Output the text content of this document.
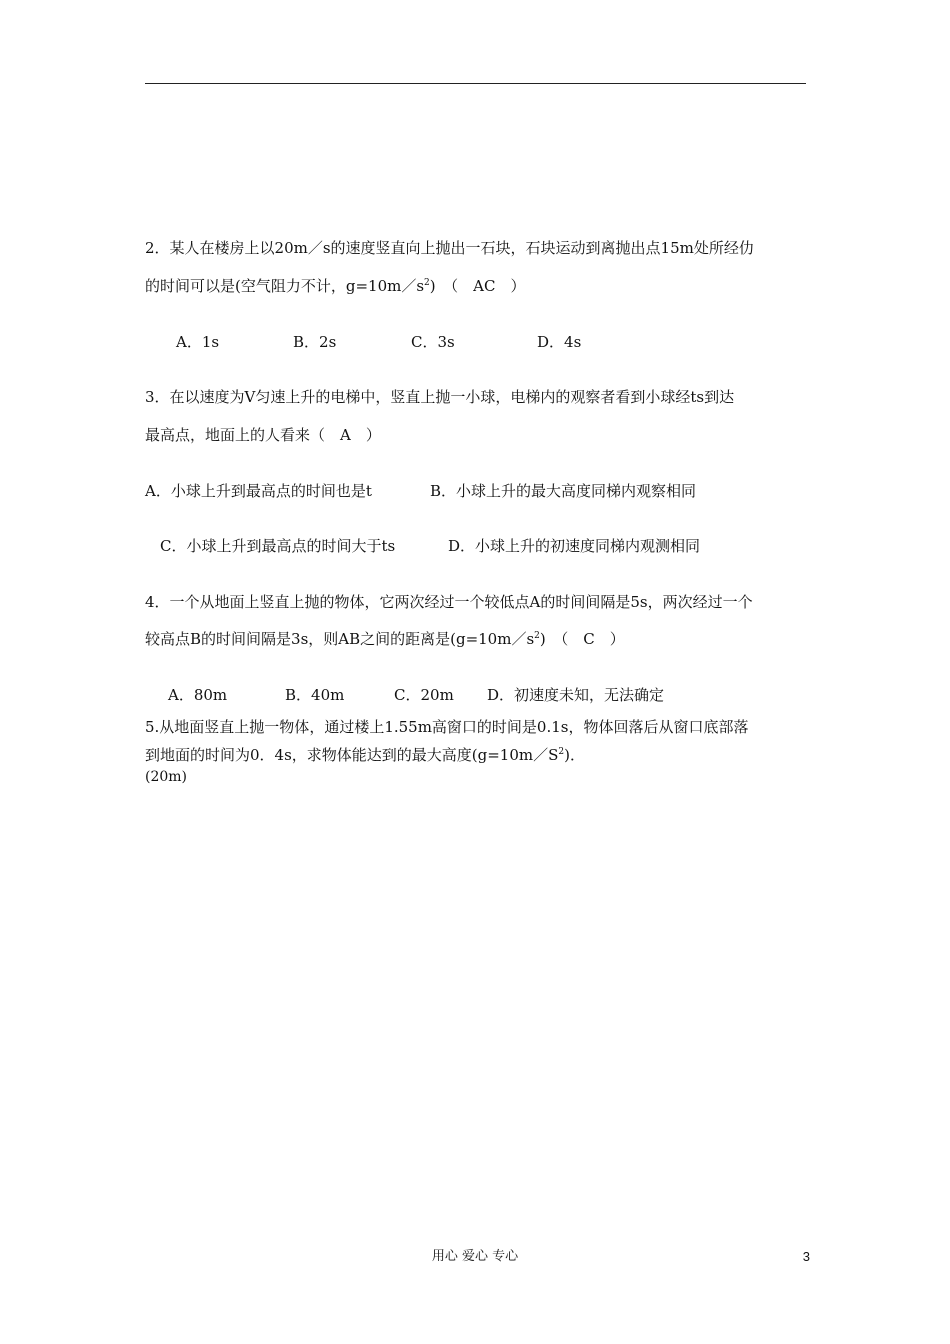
2．某人在楼房上以20m／s的速度竖直向上抛出一石块，石块运动到离抛出点15m处所经仂
的时间可以是(空气阻力不计，$g=10m/s^2$)　（　AC　）
A．1s	B．2s	C．3s	D．4s
3．在以速度为V匀速上升的电梯中，竖直上抛一小球，电梯内的观察者看到小球经ts到达
最高点，地面上的人看来（　A　）
A．小球上升到最高点的时间也是t	B．小球上升的最大高度同梯内观察相同
C．小球上升到最高点的时间大于ts	D．小球上升的初速度同梯内观测相同
4．一个从地面上竖直上抛的物体，它两次经过一个较低点A的时间间隔是5s，两次经过一个
较高点B的时间间隔是3s，则AB之间的距离是$(g=10m/s^2)$　（　C　）
A．80m	B．40m	C．20m D．初速度未知，无法确定
5.从地面竖直上抛一物体，通过楼上1.55m高窗口的时间是0.1s，物体回落后从窗口底部落
到地面的时间为0．4s，求物体能达到的最大高度$(g=10m/S^2)$．
(20m)
用心 爱心 专心	3
